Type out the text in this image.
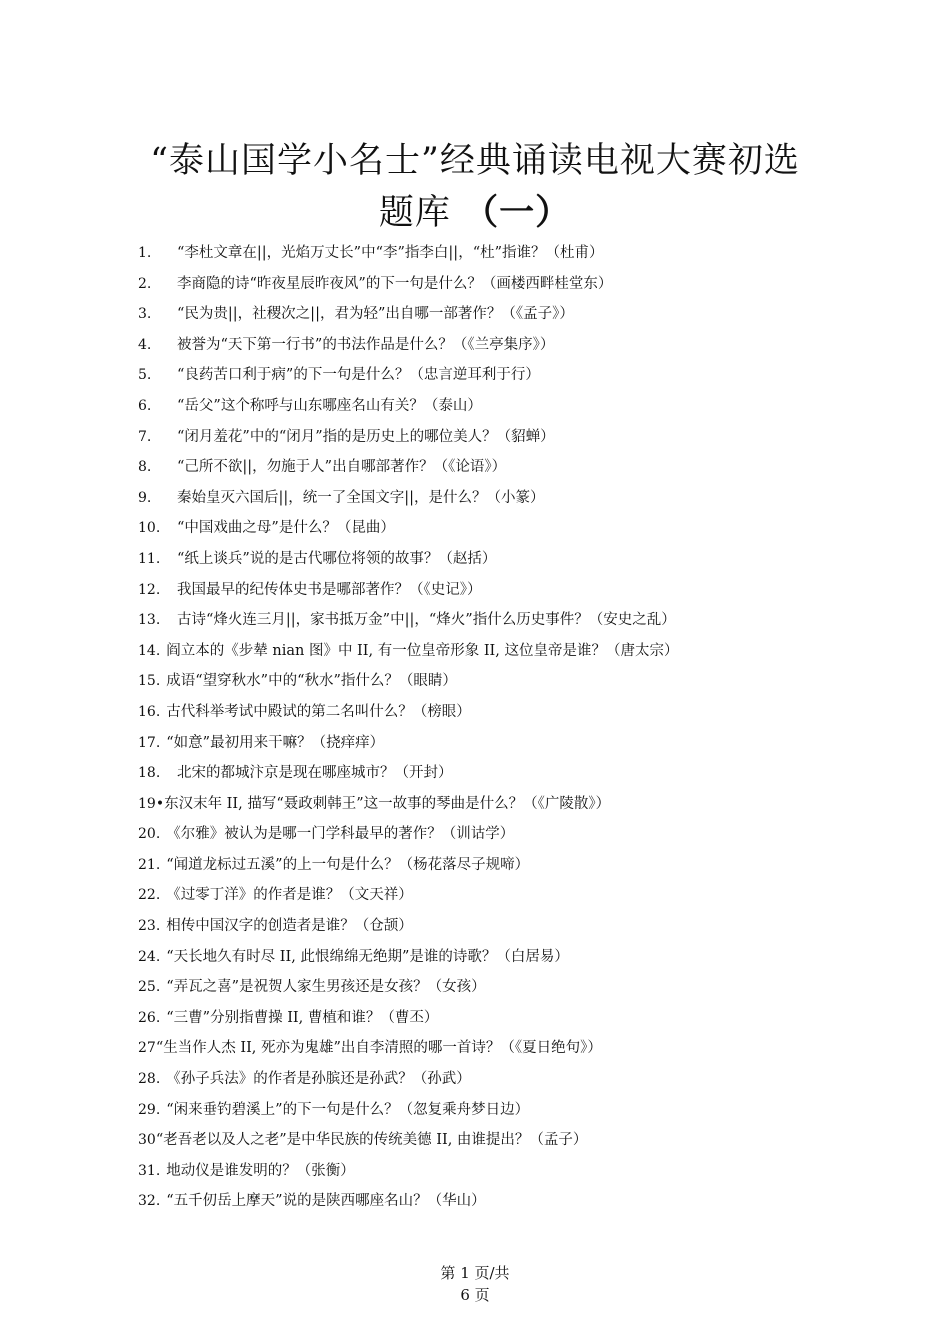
“泰山国学小名士”经典诵读电视大赛初选
题库 （一）
1.	“李杜文章在||，光焰万丈长”中“李”指李白||，“杜”指谁？（杜甫）
2.	李商隐的诗“昨夜星辰昨夜风”的下一句是什么？（画楼西畔桂堂东）
3.	“民为贵||，社稷次之||，君为轻”出自哪一部著作？（《孟子》）
4.	被誉为“天下第一行书”的书法作品是什么？（《兰亭集序》）
5.	“良药苦口利于病”的下一句是什么？（忠言逆耳利于行）
6.	“岳父”这个称呼与山东哪座名山有关？（泰山）
7.	“闭月羞花”中的“闭月”指的是历史上的哪位美人？（貂蝉）
8.	“己所不欲||，勿施于人”出自哪部著作？（《论语》）
9.	秦始皇灭六国后||，统一了全国文字||，是什么？（小篆）
10.	“中国戏曲之母”是什么？（昆曲）
11.	“纸上谈兵”说的是古代哪位将领的故事？（赵括）
12.	我国最早的纪传体史书是哪部著作？（《史记》）
13.	古诗“烽火连三月||，家书抵万金”中||，“烽火”指什么历史事件？（安史之乱）
14. 阎立本的《步辇 nian 图》中 II, 有一位皇帝形象 II, 这位皇帝是谁？（唐太宗）
15. 成语“望穿秋水”中的“秋水”指什么？（眼睛）
16. 古代科举考试中殿试的第二名叫什么？（榜眼）
17. “如意”最初用来干嘛？（挠痒痒）
18.	北宋的都城汴京是现在哪座城市？（开封）
19• 东汉末年 II, 描写“聂政刺韩王”这一故事的琴曲是什么？（《广陵散》）
20. 《尔雅》被认为是哪一门学科最早的著作？（训诂学）
21. “闻道龙标过五溪”的上一句是什么？（杨花落尽子规啼）
22. 《过零丁洋》的作者是谁？（文天祥）
23. 相传中国汉字的创造者是谁？（仓颉）
24. “天长地久有时尽 II, 此恨绵绵无绝期”是谁的诗歌？（白居易）
25. “弄瓦之喜”是祝贺人家生男孩还是女孩？（女孩）
26. “三曹”分别指曹操 II, 曹植和谁？（曹丕）
27 “生当作人杰 II, 死亦为鬼雄”出自李清照的哪一首诗？（《夏日绝句》）
28. 《孙子兵法》的作者是孙膑还是孙武？（孙武）
29. “闲来垂钓碧溪上”的下一句是什么？（忽复乘舟梦日边）
30 “老吾老以及人之老”是中华民族的传统美德 II, 由谁提出？（孟子）
31. 地动仪是谁发明的？（张衡）
32. “五千仞岳上摩天”说的是陕西哪座名山？（华山）
第 1 页/共
6 页
